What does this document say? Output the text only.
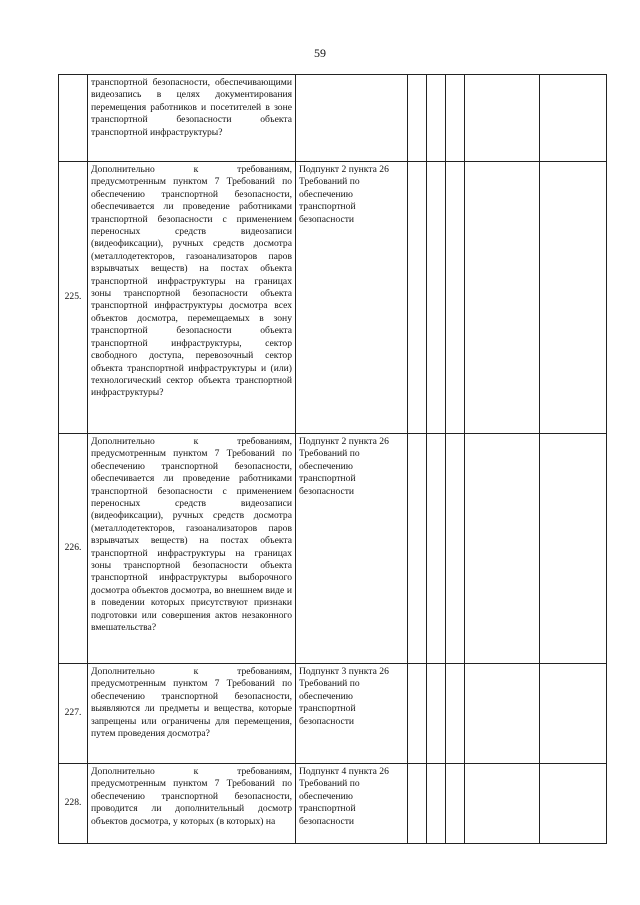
59
	транспортной безопасности, обеспечивающими видеозапись в целях документирования перемещения работников и посетителей в зоне транспортной безопасности объекта транспортной инфраструктуры?						
225.	Дополнительно к требованиям, предусмотренным пунктом 7 Требований по обеспечению транспортной безопасности, обеспечивается ли проведение работниками транспортной безопасности с применением переносных средств видеозаписи (видеофиксации), ручных средств досмотра (металлодетекторов, газоанализаторов паров взрывчатых веществ) на постах объекта транспортной инфраструктуры на границах зоны транспортной безопасности объекта транспортной инфраструктуры досмотра всех объектов досмотра, перемещаемых в зону транспортной безопасности объекта транспортной инфраструктуры, сектор свободного доступа, перевозочный сектор объекта транспортной инфраструктуры и (или) технологический сектор объекта транспортной инфраструктуры?	Подпункт 2 пункта 26 Требований по обеспечению транспортной безопасности					
226.	Дополнительно к требованиям, предусмотренным пунктом 7 Требований по обеспечению транспортной безопасности, обеспечивается ли проведение работниками транспортной безопасности с применением переносных средств видеозаписи (видеофиксации), ручных средств досмотра (металлодетекторов, газоанализаторов паров взрывчатых веществ) на постах объекта транспортной инфраструктуры на границах зоны транспортной безопасности объекта транспортной инфраструктуры выборочного досмотра объектов досмотра, во внешнем виде и в поведении которых присутствуют признаки подготовки или совершения актов незаконного вмешательства?	Подпункт 2 пункта 26 Требований по обеспечению транспортной безопасности					
227.	Дополнительно к требованиям, предусмотренным пунктом 7 Требований по обеспечению транспортной безопасности, выявляются ли предметы и вещества, которые запрещены или ограничены для перемещения, путем проведения досмотра?	Подпункт 3 пункта 26 Требований по обеспечению транспортной безопасности					
228.	Дополнительно к требованиям, предусмотренным пунктом 7 Требований по обеспечению транспортной безопасности, проводится ли дополнительный досмотр объектов досмотра, у которых (в которых) на	Подпункт 4 пункта 26 Требований по обеспечению транспортной безопасности					
